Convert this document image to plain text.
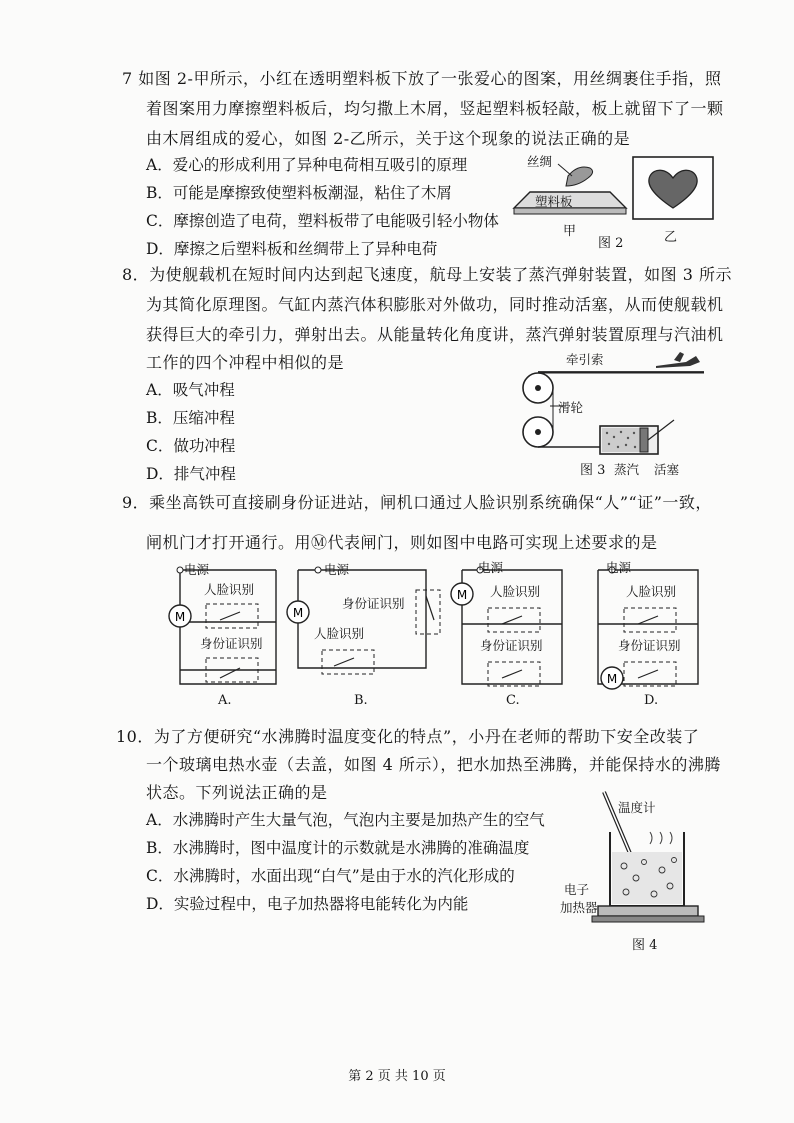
7 如图 2-甲所示，小红在透明塑料板下放了一张爱心的图案，用丝绸裹住手指，照
着图案用力摩擦塑料板后，均匀撒上木屑，竖起塑料板轻敲，板上就留下了一颗
由木屑组成的爱心，如图 2-乙所示，关于这个现象的说法正确的是
A．爱心的形成利用了异种电荷相互吸引的原理
B．可能是摩擦致使塑料板潮湿，粘住了木屑
C．摩擦创造了电荷，塑料板带了电能吸引轻小物体
D．摩擦之后塑料板和丝绸带上了异种电荷
丝绸
塑料板
甲
图 2	乙
8．为使舰载机在短时间内达到起飞速度，航母上安装了蒸汽弹射装置，如图 3 所示
为其简化原理图。气缸内蒸汽体积膨胀对外做功，同时推动活塞，从而使舰载机
获得巨大的牵引力，弹射出去。从能量转化角度讲，蒸汽弹射装置原理与汽油机
工作的四个冲程中相似的是
A．吸气冲程
B．压缩冲程
C．做功冲程
D．排气冲程
牵引索
滑轮
图 3 蒸汽 活塞
9．乘坐高铁可直接刷身份证进站，闸机口通过人脸识别系统确保“人”“证”一致，
闸机门才打开通行。用Ⓜ代表闸门，则如图中电路可实现上述要求的是
M
电源
人脸识别
身份证识别
A.
M
电源
身份证识别
人脸识别
B.
M
电源
人脸识别
身份证识别
C.
M
电源
人脸识别
身份证识别
D.
10．为了方便研究“水沸腾时温度变化的特点”，小丹在老师的帮助下安全改装了
一个玻璃电热水壶（去盖，如图 4 所示），把水加热至沸腾，并能保持水的沸腾
状态。下列说法正确的是
A．水沸腾时产生大量气泡，气泡内主要是加热产生的空气
B．水沸腾时，图中温度计的示数就是水沸腾的准确温度
C．水沸腾时，水面出现“白气”是由于水的汽化形成的
D．实验过程中，电子加热器将电能转化为内能
温度计
电子
加热器
图 4
第 2 页 共 10 页
